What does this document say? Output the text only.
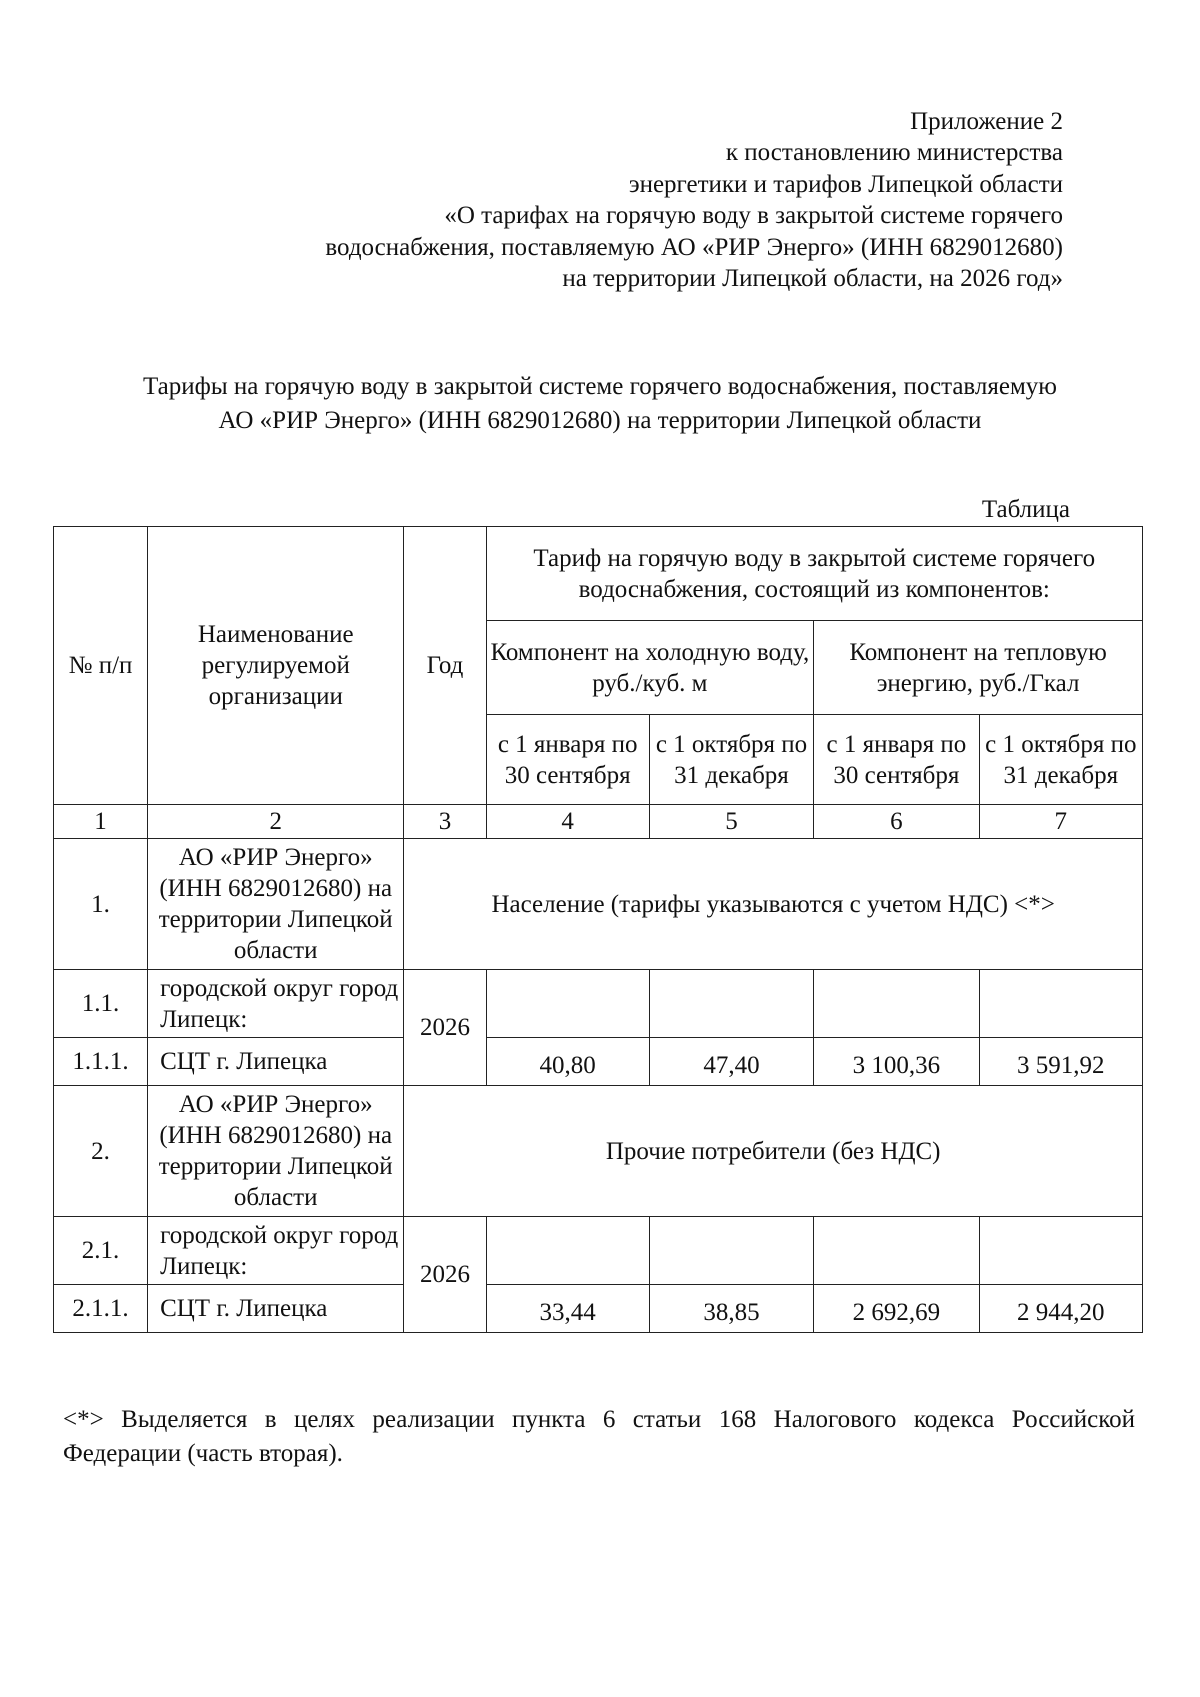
Приложение 2
к постановлению министерства
энергетики и тарифов Липецкой области
«О тарифах на горячую воду в закрытой системе горячего
водоснабжения, поставляемую АО «РИР Энерго» (ИНН 6829012680)
на территории Липецкой области, на 2026 год»
Тарифы на горячую воду в закрытой системе горячего водоснабжения, поставляемую
АО «РИР Энерго» (ИНН 6829012680) на территории Липецкой области
Таблица
№ п/п	Наименование регулируемой организации	Год	Тариф на горячую воду в закрытой системе горячего водоснабжения, состоящий из компонентов:			
			Компонент на холодную воду, руб./куб. м		Компонент на тепловую энергию, руб./Гкал	
			с 1 января по 30 сентября	с 1 октября по 31 декабря	с 1 января по 30 сентября	с 1 октября по 31 декабря
1	2	3	4	5	6	7
1.	АО «РИР Энерго» (ИНН 6829012680) на территории Липецкой области	Население (тарифы указываются с учетом НДС) <*>				
1.1.	городской округ город Липецк:	2026				
1.1.1.	СЦТ г. Липецка		40,80	47,40	3 100,36	3 591,92
2.	АО «РИР Энерго» (ИНН 6829012680) на территории Липецкой области	Прочие потребители (без НДС)				
2.1.	городской округ город Липецк:	2026				
2.1.1.	СЦТ г. Липецка		33,44	38,85	2 692,69	2 944,20
<*> Выделяется в целях реализации пункта 6 статьи 168 Налогового кодекса Российской Федерации (часть вторая).
